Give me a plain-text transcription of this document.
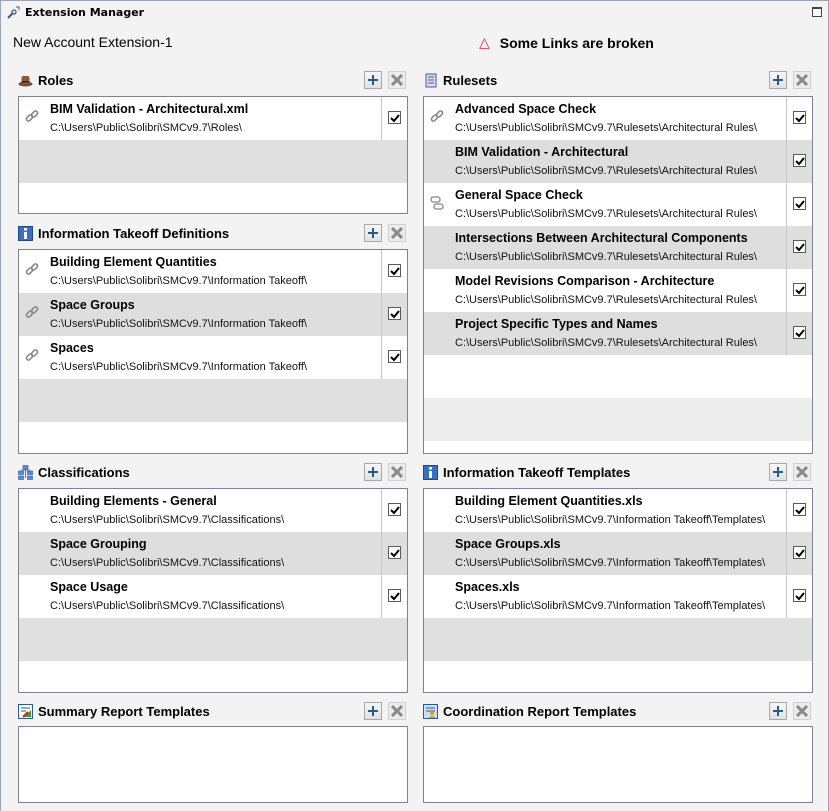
Extension Manager
New Account Extension-1	△ Some Links are broken
Roles
BIM Validation - Architectural.xml
C:\Users\Public\Solibri\SMCv9.7\Roles\
Rulesets
Advanced Space Check
C:\Users\Public\Solibri\SMCv9.7\Rulesets\Architectural Rules\
BIM Validation - Architectural
C:\Users\Public\Solibri\SMCv9.7\Rulesets\Architectural Rules\
General Space Check
C:\Users\Public\Solibri\SMCv9.7\Rulesets\Architectural Rules\
Intersections Between Architectural Components
C:\Users\Public\Solibri\SMCv9.7\Rulesets\Architectural Rules\
Model Revisions Comparison - Architecture
C:\Users\Public\Solibri\SMCv9.7\Rulesets\Architectural Rules\
Project Specific Types and Names
C:\Users\Public\Solibri\SMCv9.7\Rulesets\Architectural Rules\
Information Takeoff Definitions
Building Element Quantities
C:\Users\Public\Solibri\SMCv9.7\Information Takeoff\
Space Groups
C:\Users\Public\Solibri\SMCv9.7\Information Takeoff\
Spaces
C:\Users\Public\Solibri\SMCv9.7\Information Takeoff\
Classifications
Building Elements - General
C:\Users\Public\Solibri\SMCv9.7\Classifications\
Space Grouping
C:\Users\Public\Solibri\SMCv9.7\Classifications\
Space Usage
C:\Users\Public\Solibri\SMCv9.7\Classifications\
Information Takeoff Templates
Building Element Quantities.xls
C:\Users\Public\Solibri\SMCv9.7\Information Takeoff\Templates\
Space Groups.xls
C:\Users\Public\Solibri\SMCv9.7\Information Takeoff\Templates\
Spaces.xls
C:\Users\Public\Solibri\SMCv9.7\Information Takeoff\Templates\
Summary Report Templates	Coordination Report Templates
